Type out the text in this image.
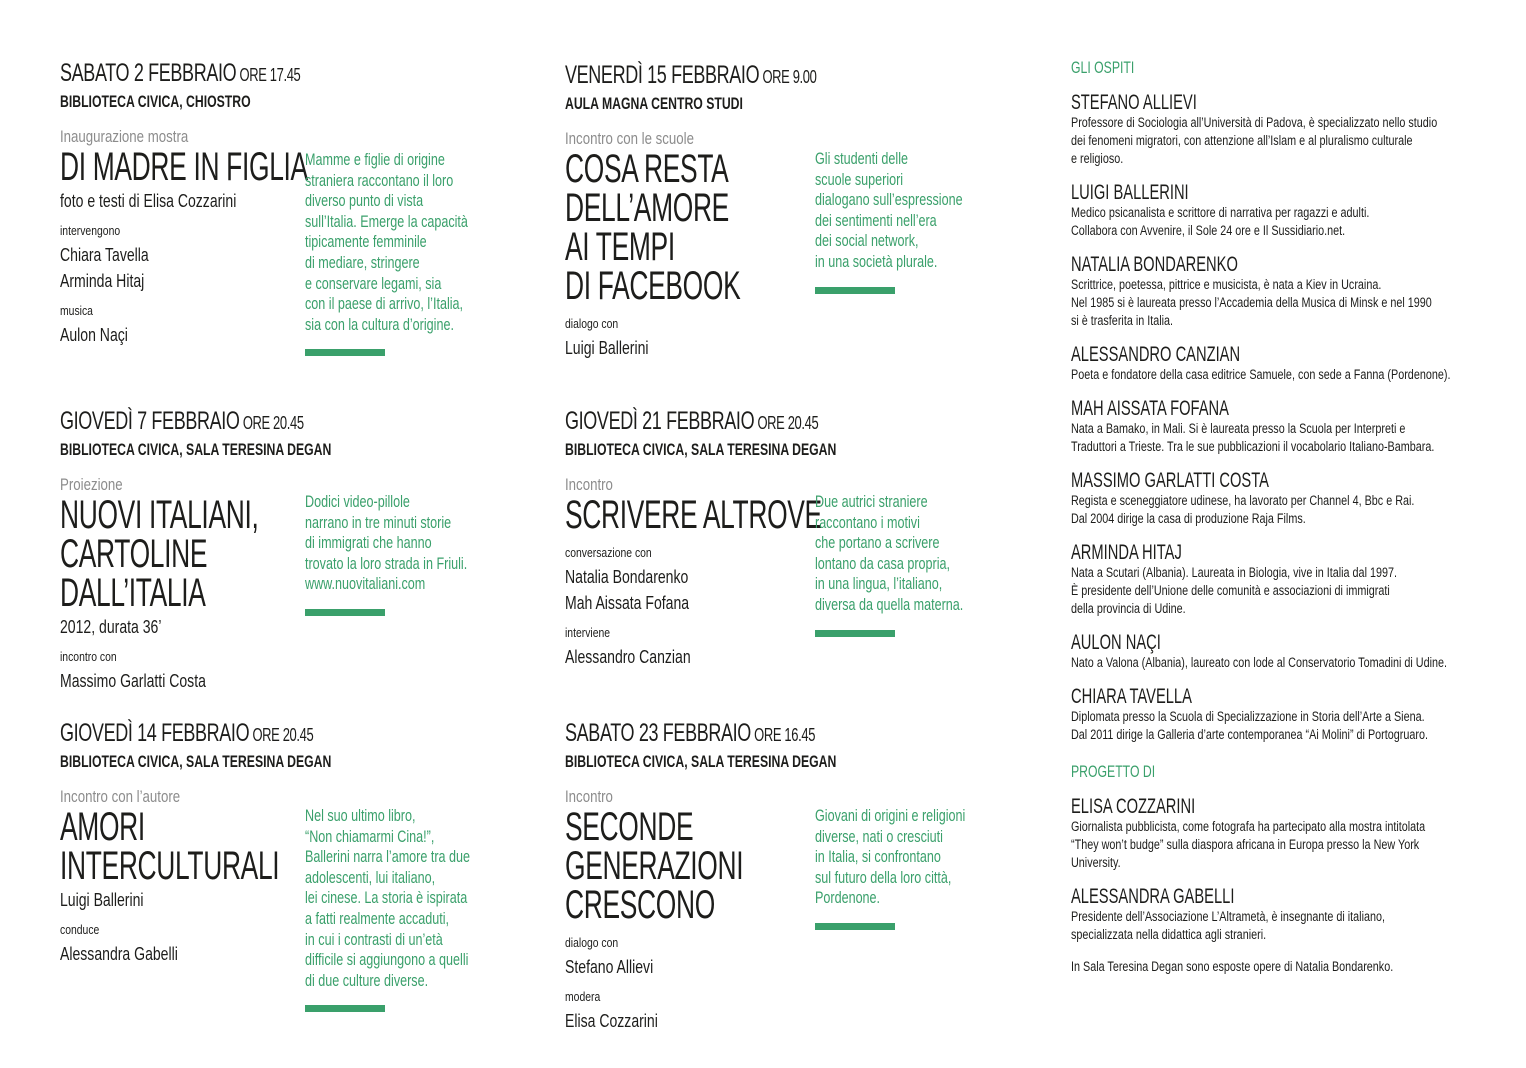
SABATO 2 FEBBRAIO ORE 17.45
BIBLIOTECA CIVICA, CHIOSTRO
Inaugurazione mostra
DI MADRE IN FIGLIA
foto e testi di Elisa Cozzarini
intervengono
Chiara Tavella
Arminda Hitaj
musica
Aulon Naçi
Mamme e figlie di origine
straniera raccontano il loro
diverso punto di vista
sull’Italia. Emerge la capacità
tipicamente femminile
di mediare, stringere
e conservare legami, sia
con il paese di arrivo, l’Italia,
sia con la cultura d’origine.
VENERDÌ 15 FEBBRAIO ORE 9.00
AULA MAGNA CENTRO STUDI
Incontro con le scuole
COSA RESTA
DELL’AMORE
AI TEMPI
DI FACEBOOK
dialogo con
Luigi Ballerini
Gli studenti delle
scuole superiori
dialogano sull’espressione
dei sentimenti nell’era
dei social network,
in una società plurale.
GIOVEDÌ 7 FEBBRAIO ORE 20.45
BIBLIOTECA CIVICA, SALA TERESINA DEGAN
Proiezione
NUOVI ITALIANI,
CARTOLINE
DALL’ITALIA
2012, durata 36’
incontro con
Massimo Garlatti Costa
Dodici video-pillole
narrano in tre minuti storie
di immigrati che hanno
trovato la loro strada in Friuli.
www.nuovitaliani.com
GIOVEDÌ 21 FEBBRAIO ORE 20.45
BIBLIOTECA CIVICA, SALA TERESINA DEGAN
Incontro
SCRIVERE ALTROVE
conversazione con
Natalia Bondarenko
Mah Aissata Fofana
interviene
Alessandro Canzian
Due autrici straniere
raccontano i motivi
che portano a scrivere
lontano da casa propria,
in una lingua, l’italiano,
diversa da quella materna.
GIOVEDÌ 14 FEBBRAIO ORE 20.45
BIBLIOTECA CIVICA, SALA TERESINA DEGAN
Incontro con l’autore
AMORI
INTERCULTURALI
Luigi Ballerini
conduce
Alessandra Gabelli
Nel suo ultimo libro,
“Non chiamarmi Cina!”,
Ballerini narra l’amore tra due
adolescenti, lui italiano,
lei cinese. La storia è ispirata
a fatti realmente accaduti,
in cui i contrasti di un’età
difficile si aggiungono a quelli
di due culture diverse.
SABATO 23 FEBBRAIO ORE 16.45
BIBLIOTECA CIVICA, SALA TERESINA DEGAN
Incontro
SECONDE
GENERAZIONI
CRESCONO
dialogo con
Stefano Allievi
modera
Elisa Cozzarini
Giovani di origini e religioni
diverse, nati o cresciuti
in Italia, si confrontano
sul futuro della loro città,
Pordenone.
GLI OSPITI
STEFANO ALLIEVI
Professore di Sociologia all’Università di Padova, è specializzato nello studio
dei fenomeni migratori, con attenzione all’Islam e al pluralismo culturale
e religioso.
LUIGI BALLERINI
Medico psicanalista e scrittore di narrativa per ragazzi e adulti.
Collabora con Avvenire, il Sole 24 ore e Il Sussidiario.net.
NATALIA BONDARENKO
Scrittrice, poetessa, pittrice e musicista, è nata a Kiev in Ucraina.
Nel 1985 si è laureata presso l’Accademia della Musica di Minsk e nel 1990
si è trasferita in Italia.
ALESSANDRO CANZIAN
Poeta e fondatore della casa editrice Samuele, con sede a Fanna (Pordenone).
MAH AISSATA FOFANA
Nata a Bamako, in Mali. Si è laureata presso la Scuola per Interpreti e
Traduttori a Trieste. Tra le sue pubblicazioni il vocabolario Italiano-Bambara.
MASSIMO GARLATTI COSTA
Regista e sceneggiatore udinese, ha lavorato per Channel 4, Bbc e Rai.
Dal 2004 dirige la casa di produzione Raja Films.
ARMINDA HITAJ
Nata a Scutari (Albania). Laureata in Biologia, vive in Italia dal 1997.
È presidente dell’Unione delle comunità e associazioni di immigrati
della provincia di Udine.
AULON NAÇI
Nato a Valona (Albania), laureato con lode al Conservatorio Tomadini di Udine.
CHIARA TAVELLA
Diplomata presso la Scuola di Specializzazione in Storia dell’Arte a Siena.
Dal 2011 dirige la Galleria d’arte contemporanea “Ai Molini” di Portogruaro.
PROGETTO DI
ELISA COZZARINI
Giornalista pubblicista, come fotografa ha partecipato alla mostra intitolata
“They won’t budge” sulla diaspora africana in Europa presso la New York
University.
ALESSANDRA GABELLI
Presidente dell’Associazione L’Altrametà, è insegnante di italiano,
specializzata nella didattica agli stranieri.
In Sala Teresina Degan sono esposte opere di Natalia Bondarenko.
